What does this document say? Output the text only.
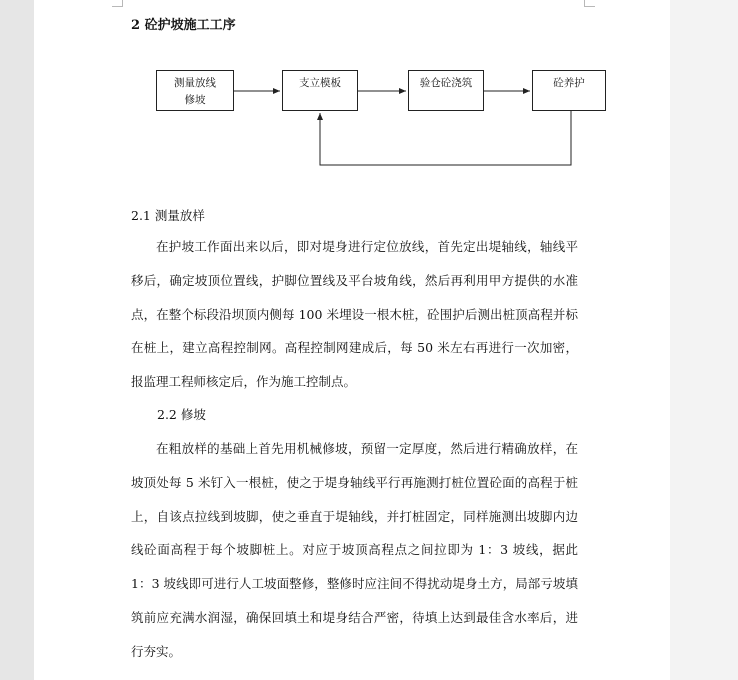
2 砼护坡施工工序
测量放线
修坡
支立模板	验仓砼浇筑	砼养护
2.1 测量放样

在护坡工作面出来以后，即对堤身进行定位放线，首先定出堤轴线，轴线平移后，确定坡顶位置线，护脚位置线及平台坡角线，然后再利用甲方提供的水准点，在整个标段沿坝顶内侧每 100 米埋设一根木桩，砼围护后测出桩顶高程并标在桩上，建立高程控制网。高程控制网建成后，每 50 米左右再进行一次加密，报监理工程师核定后，作为施工控制点。

2.2 修坡

在粗放样的基础上首先用机械修坡，预留一定厚度，然后进行精确放样，在坡顶处每 5 米钉入一根桩，使之于堤身轴线平行再施测打桩位置砼面的高程于桩上，自该点拉线到坡脚，使之垂直于堤轴线，并打桩固定，同样施测出坡脚内边线砼面高程于每个坡脚桩上。对应于坡顶高程点之间拉即为 1：3 坡线，据此 1：3 坡线即可进行人工坡面整修，整修时应注间不得扰动堤身土方，局部亏坡填筑前应充满水润湿，确保回填土和堤身结合严密，待填上达到最佳含水率后，进行夯实。
